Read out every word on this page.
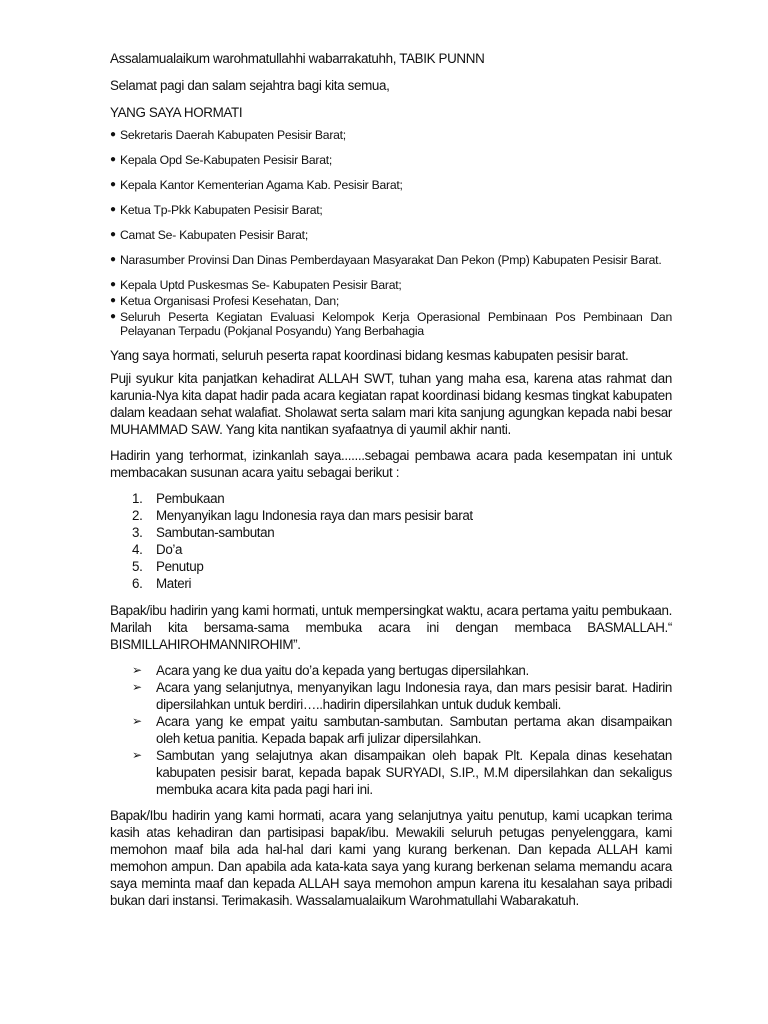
Assalamualaikum warohmatullahhi wabarrakatuhh, TABIK PUNNN

Selamat pagi dan salam sejahtra bagi kita semua,

YANG SAYA HORMATI

● Sekretaris Daerah Kabupaten Pesisir Barat;
● Kepala Opd Se-Kabupaten Pesisir Barat;
● Kepala Kantor Kementerian Agama Kab. Pesisir Barat;
● Ketua Tp-Pkk Kabupaten Pesisir Barat;
● Camat Se- Kabupaten Pesisir Barat;
● Narasumber Provinsi Dan Dinas Pemberdayaan Masyarakat Dan Pekon (Pmp) Kabupaten Pesisir Barat.
● Kepala Uptd Puskesmas Se- Kabupaten Pesisir Barat;
● Ketua Organisasi Profesi Kesehatan, Dan;
● Seluruh Peserta Kegiatan Evaluasi Kelompok Kerja Operasional Pembinaan Pos Pembinaan Dan Pelayanan Terpadu (Pokjanal Posyandu) Yang Berbahagia

Yang saya hormati, seluruh peserta rapat koordinasi bidang kesmas kabupaten pesisir barat.

Puji syukur kita panjatkan kehadirat ALLAH SWT, tuhan yang maha esa, karena atas rahmat dan karunia-Nya kita dapat hadir pada acara kegiatan rapat koordinasi bidang kesmas tingkat kabupaten dalam keadaan sehat walafiat. Sholawat serta salam mari kita sanjung agungkan kepada nabi besar MUHAMMAD SAW. Yang kita nantikan syafaatnya di yaumil akhir nanti.

Hadirin yang terhormat, izinkanlah saya.......sebagai pembawa acara pada kesempatan ini untuk membacakan susunan acara yaitu sebagai berikut :

1. Pembukaan
2. Menyanyikan lagu Indonesia raya dan mars pesisir barat
3. Sambutan-sambutan
4. Do’a
5. Penutup
6. Materi

Bapak/ibu hadirin yang kami hormati, untuk mempersingkat waktu, acara pertama yaitu pembukaan. Marilah kita bersama-sama membuka acara ini dengan membaca BASMALLAH.“ BISMILLAHIROHMANNIROHIM”.

➢ Acara yang ke dua yaitu do’a kepada yang bertugas dipersilahkan.
➢ Acara yang selanjutnya, menyanyikan lagu Indonesia raya, dan mars pesisir barat. Hadirin dipersilahkan untuk berdiri…..hadirin dipersilahkan untuk duduk kembali.
➢ Acara yang ke empat yaitu sambutan-sambutan. Sambutan pertama akan disampaikan oleh ketua panitia. Kepada bapak arfi julizar dipersilahkan.
➢ Sambutan yang selajutnya akan disampaikan oleh bapak Plt. Kepala dinas kesehatan kabupaten pesisir barat, kepada bapak SURYADI, S.IP., M.M dipersilahkan dan sekaligus membuka acara kita pada pagi hari ini.

Bapak/Ibu hadirin yang kami hormati, acara yang selanjutnya yaitu penutup, kami ucapkan terima kasih atas kehadiran dan partisipasi bapak/ibu. Mewakili seluruh petugas penyelenggara, kami memohon maaf bila ada hal-hal dari kami yang kurang berkenan. Dan kepada ALLAH kami memohon ampun. Dan apabila ada kata-kata saya yang kurang berkenan selama memandu acara saya meminta maaf dan kepada ALLAH saya memohon ampun karena itu kesalahan saya pribadi bukan dari instansi. Terimakasih. Wassalamualaikum Warohmatullahi Wabarakatuh.
